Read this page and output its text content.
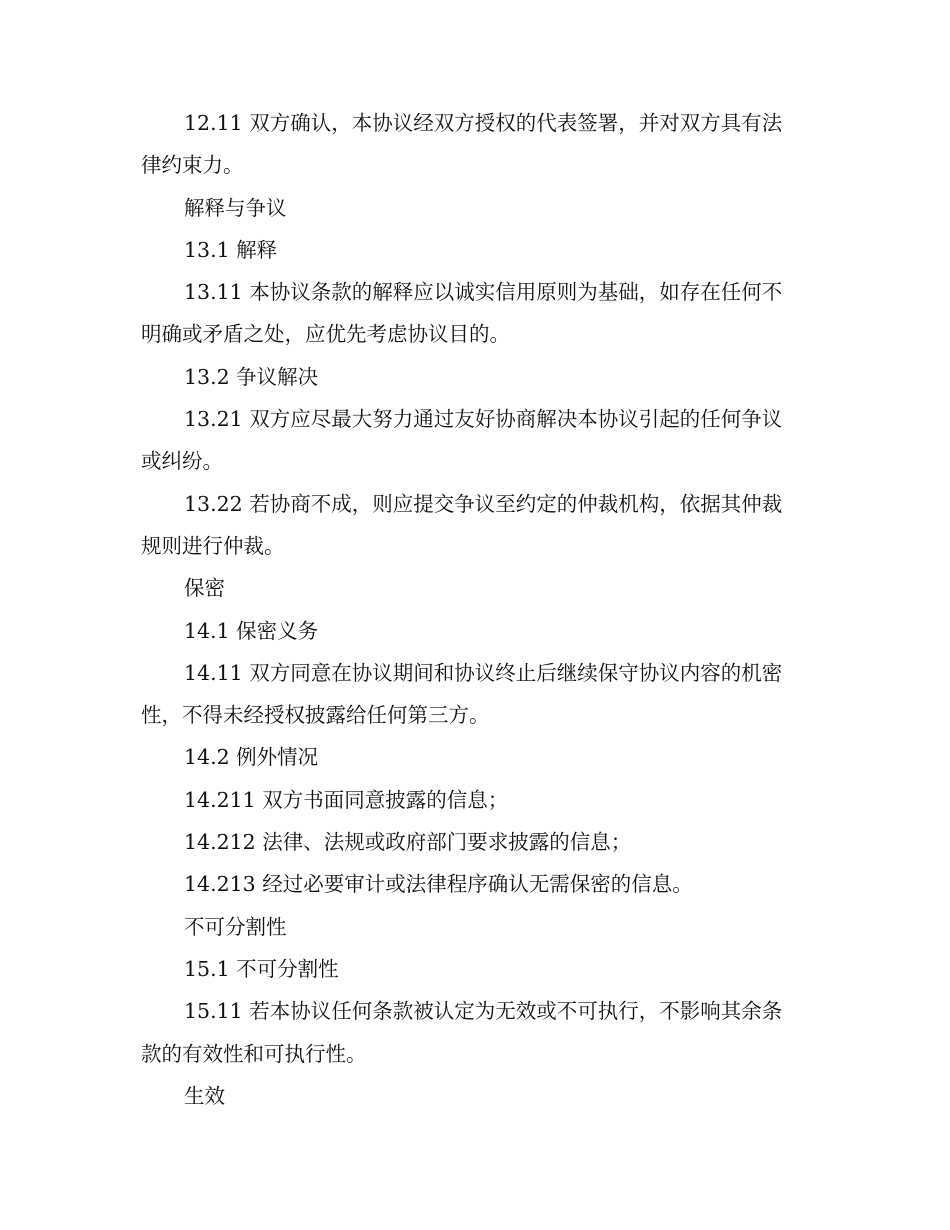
12.11 双方确认，本协议经双方授权的代表签署，并对双方具有法律约束力。

解释与争议

13.1 解释

13.11 本协议条款的解释应以诚实信用原则为基础，如存在任何不明确或矛盾之处，应优先考虑协议目的。

13.2 争议解决

13.21 双方应尽最大努力通过友好协商解决本协议引起的任何争议或纠纷。

13.22 若协商不成，则应提交争议至约定的仲裁机构，依据其仲裁规则进行仲裁。

保密

14.1 保密义务

14.11 双方同意在协议期间和协议终止后继续保守协议内容的机密性，不得未经授权披露给任何第三方。

14.2 例外情况

14.211 双方书面同意披露的信息；

14.212 法律、法规或政府部门要求披露的信息；

14.213 经过必要审计或法律程序确认无需保密的信息。

不可分割性

15.1 不可分割性

15.11 若本协议任何条款被认定为无效或不可执行，不影响其余条款的有效性和可执行性。

生效
